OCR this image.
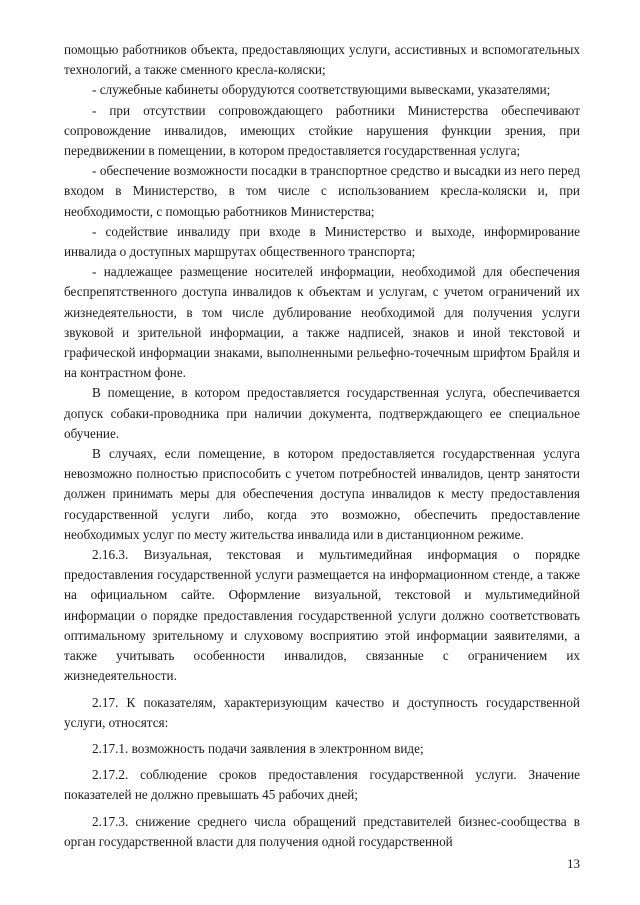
помощью работников объекта, предоставляющих услуги, ассистивных и вспомогательных технологий, а также сменного кресла-коляски;

- служебные кабинеты оборудуются соответствующими вывесками, указателями;

- при отсутствии сопровождающего работники Министерства обеспечивают сопровождение инвалидов, имеющих стойкие нарушения функции зрения, при передвижении в помещении, в котором предоставляется государственная услуга;

- обеспечение возможности посадки в транспортное средство и высадки из него перед входом в Министерство, в том числе с использованием кресла-коляски и, при необходимости, с помощью работников Министерства;

- содействие инвалиду при входе в Министерство и выходе, информирование инвалида о доступных маршрутах общественного транспорта;

- надлежащее размещение носителей информации, необходимой для обеспечения беспрепятственного доступа инвалидов к объектам и услугам, с учетом ограничений их жизнедеятельности, в том числе дублирование необходимой для получения услуги звуковой и зрительной информации, а также надписей, знаков и иной текстовой и графической информации знаками, выполненными рельефно-точечным шрифтом Брайля и на контрастном фоне.

В помещение, в котором предоставляется государственная услуга, обеспечивается допуск собаки-проводника при наличии документа, подтверждающего ее специальное обучение.

В случаях, если помещение, в котором предоставляется государственная услуга невозможно полностью приспособить с учетом потребностей инвалидов, центр занятости должен принимать меры для обеспечения доступа инвалидов к месту предоставления государственной услуги либо, когда это возможно, обеспечить предоставление необходимых услуг по месту жительства инвалида или в дистанционном режиме.

2.16.3. Визуальная, текстовая и мультимедийная информация о порядке предоставления государственной услуги размещается на информационном стенде, а также на официальном сайте. Оформление визуальной, текстовой и мультимедийной информации о порядке предоставления государственной услуги должно соответствовать оптимальному зрительному и слуховому восприятию этой информации заявителями, а также учитывать особенности инвалидов, связанные с ограничением их жизнедеятельности.

2.17. К показателям, характеризующим качество и доступность государственной услуги, относятся:

2.17.1. возможность подачи заявления в электронном виде;

2.17.2. соблюдение сроков предоставления государственной услуги. Значение показателей не должно превышать 45 рабочих дней;

2.17.3. снижение среднего числа обращений представителей бизнес-сообщества в орган государственной власти для получения одной государственной

13
